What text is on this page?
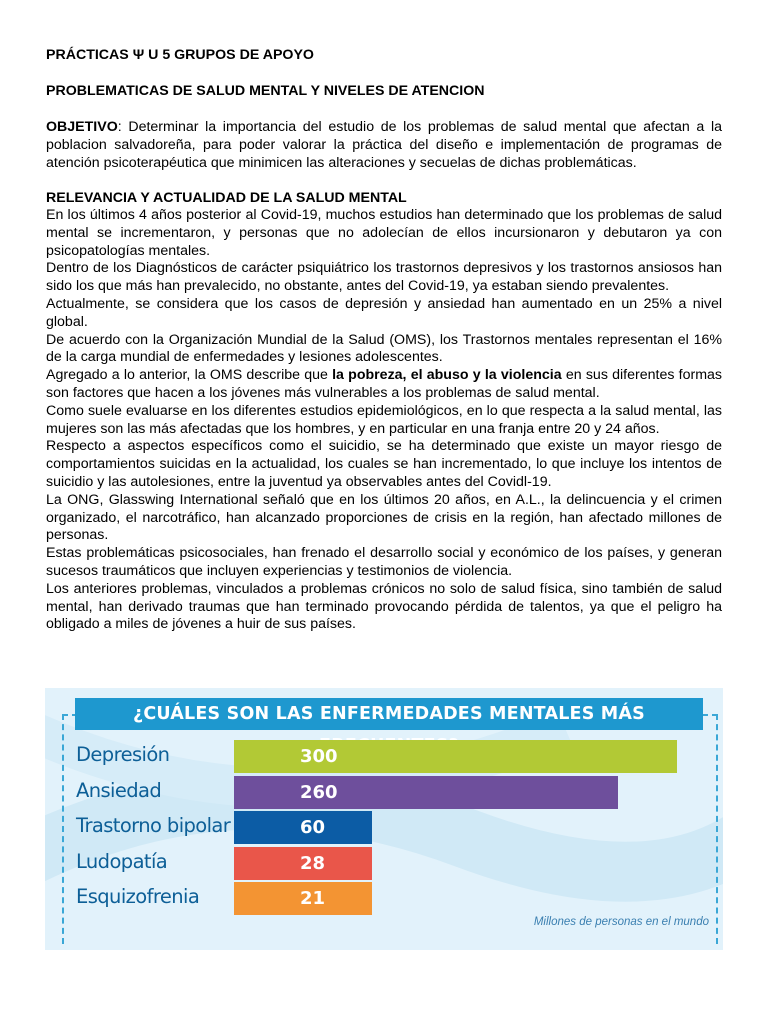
PRÁCTICAS Ψ U 5 GRUPOS DE APOYO
PROBLEMATICAS DE SALUD MENTAL Y NIVELES DE ATENCION
OBJETIVO: Determinar la importancia del estudio de los problemas de salud mental que afectan a la poblacion salvadoreña, para poder valorar la práctica del diseño e implementación de programas de atención psicoterapéutica que minimicen las alteraciones y secuelas de dichas problemáticas.
RELEVANCIA Y ACTUALIDAD DE LA SALUD MENTAL
En los últimos 4 años posterior al Covid-19, muchos estudios han determinado que los problemas de salud mental se incrementaron, y personas que no adolecían de ellos incursionaron y debutaron ya con psicopatologías mentales.
Dentro de los Diagnósticos de carácter psiquiátrico los trastornos depresivos y los trastornos ansiosos han sido los que más han prevalecido, no obstante, antes del Covid-19, ya estaban siendo prevalentes.
Actualmente, se considera que los casos de depresión y ansiedad han aumentado en un 25% a nivel global.
De acuerdo con la Organización Mundial de la Salud (OMS), los Trastornos mentales representan el 16% de la carga mundial de enfermedades y lesiones adolescentes.
Agregado a lo anterior, la OMS describe que la pobreza, el abuso y la violencia en sus diferentes formas son factores que hacen a los jóvenes más vulnerables a los problemas de salud mental.
Como suele evaluarse en los diferentes estudios epidemiológicos, en lo que respecta a la salud mental, las mujeres son las más afectadas que los hombres, y en particular en una franja entre 20 y 24 años.
Respecto a aspectos específicos como el suicidio, se ha determinado que existe un mayor riesgo de comportamientos suicidas en la actualidad, los cuales se han incrementado, lo que incluye los intentos de suicidio y las autolesiones, entre la juventud ya observables antes del Covidl-19.
La ONG, Glasswing International señaló que en los últimos 20 años, en A.L., la delincuencia y el crimen organizado, el narcotráfico, han alcanzado proporciones de crisis en la región, han afectado millones de personas.
Estas problemáticas psicosociales, han frenado el desarrollo social y económico de los países, y generan sucesos traumáticos que incluyen experiencias y testimonios de violencia.
Los anteriores problemas, vinculados a problemas crónicos no solo de salud física, sino también de salud mental, han derivado traumas que han terminado provocando pérdida de talentos, ya que el peligro ha obligado a miles de jóvenes a huir de sus países.
¿CUÁLES SON LAS ENFERMEDADES MENTALES MÁS
Depresión	300
Ansiedad	260
Trastorno bipolar	60
Ludopatía	28
Esquizofrenia	21
Millones de personas en el mundo
